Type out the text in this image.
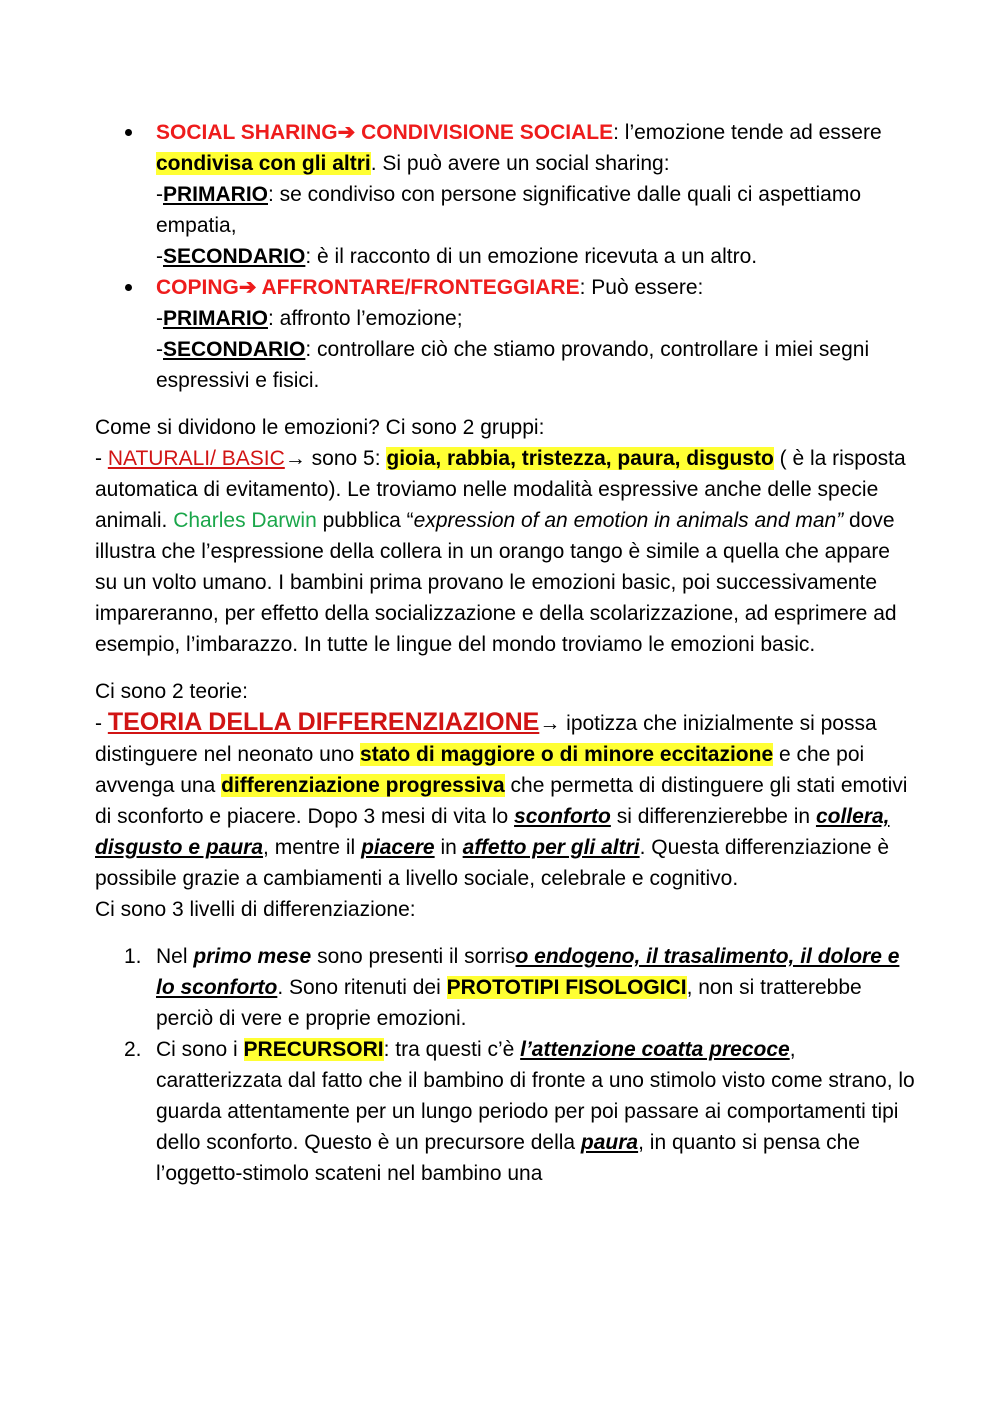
SOCIAL SHARING➔ CONDIVISIONE SOCIALE: l’emozione tende ad essere condivisa con gli altri. Si può avere un social sharing:
-PRIMARIO: se condiviso con persone significative dalle quali ci aspettiamo empatia,
-SECONDARIO: è il racconto di un emozione ricevuta a un altro.
COPING➔ AFFRONTARE/FRONTEGGIARE: Può essere:
-PRIMARIO: affronto l’emozione;
-SECONDARIO: controllare ciò che stiamo provando, controllare i miei segni espressivi e fisici.

Come si dividono le emozioni? Ci sono 2 gruppi:
- NATURALI/ BASIC→ sono 5: gioia, rabbia, tristezza, paura, disgusto ( è la risposta automatica di evitamento). Le troviamo nelle modalità espressive anche delle specie animali. Charles Darwin pubblica “expression of an emotion in animals and man” dove illustra che l’espressione della collera in un orango tango è simile a quella che appare su un volto umano. I bambini prima provano le emozioni basic, poi successivamente impareranno, per effetto della socializzazione e della scolarizzazione, ad esprimere ad esempio, l’imbarazzo. In tutte le lingue del mondo troviamo le emozioni basic.

Ci sono 2 teorie:
- TEORIA DELLA DIFFERENZIAZIONE→ ipotizza che inizialmente si possa distinguere nel neonato uno stato di maggiore o di minore eccitazione e che poi avvenga una differenziazione progressiva che permetta di distinguere gli stati emotivi di sconforto e piacere. Dopo 3 mesi di vita lo sconforto si differenzierebbe in collera, disgusto e paura, mentre il piacere in affetto per gli altri. Questa differenziazione è possibile grazie a cambiamenti a livello sociale, celebrale e cognitivo.
Ci sono 3 livelli di differenziazione:

1. Nel primo mese sono presenti il sorriso endogeno, il trasalimento, il dolore e lo sconforto. Sono ritenuti dei PROTOTIPI FISOLOGICI, non si tratterebbe perciò di vere e proprie emozioni.
2. Ci sono i PRECURSORI: tra questi c’è l’attenzione coatta precoce, caratterizzata dal fatto che il bambino di fronte a uno stimolo visto come strano, lo guarda attentamente per un lungo periodo per poi passare ai comportamenti tipi dello sconforto. Questo è un precursore della paura, in quanto si pensa che l’oggetto-stimolo scateni nel bambino una
